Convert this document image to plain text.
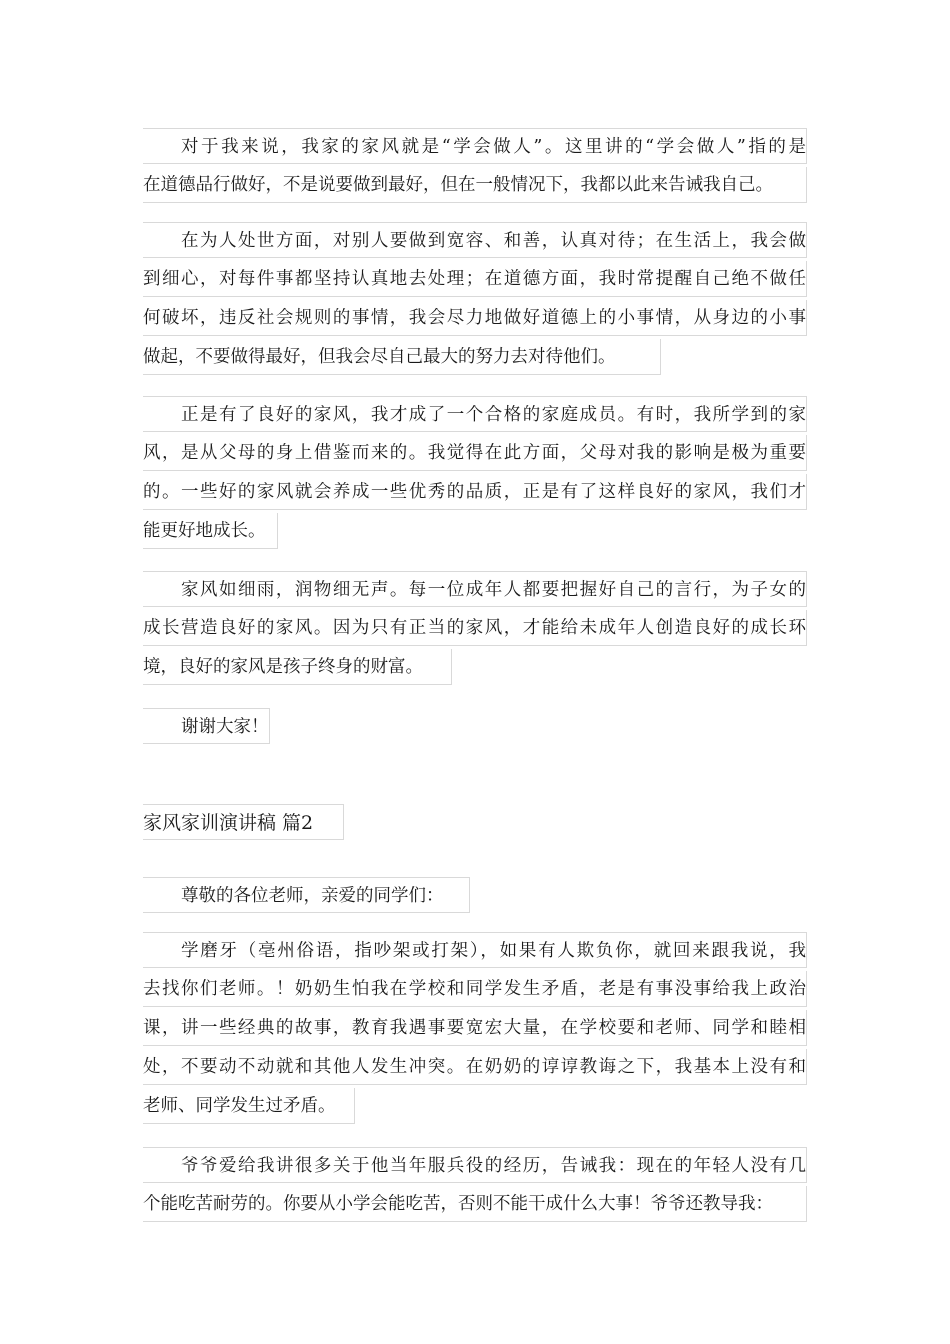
对于我来说，我家的家风就是“学会做人”。这里讲的“学会做人”指的是
在道德品行做好，不是说要做到最好，但在一般情况下，我都以此来告诫我自己。
在为人处世方面，对别人要做到宽容、和善，认真对待；在生活上，我会做
到细心，对每件事都坚持认真地去处理；在道德方面，我时常提醒自己绝不做任
何破坏，违反社会规则的事情，我会尽力地做好道德上的小事情，从身边的小事
做起，不要做得最好，但我会尽自己最大的努力去对待他们。
正是有了良好的家风，我才成了一个合格的家庭成员。有时，我所学到的家
风，是从父母的身上借鉴而来的。我觉得在此方面，父母对我的影响是极为重要
的。一些好的家风就会养成一些优秀的品质，正是有了这样良好的家风，我们才
能更好地成长。
家风如细雨，润物细无声。每一位成年人都要把握好自己的言行，为子女的
成长营造良好的家风。因为只有正当的家风，才能给未成年人创造良好的成长环
境，良好的家风是孩子终身的财富。
谢谢大家！
家风家训演讲稿 篇2
尊敬的各位老师，亲爱的同学们：
学磨牙（亳州俗语，指吵架或打架），如果有人欺负你，就回来跟我说，我
去找你们老师。！奶奶生怕我在学校和同学发生矛盾，老是有事没事给我上政治
课，讲一些经典的故事，教育我遇事要宽宏大量，在学校要和老师、同学和睦相
处，不要动不动就和其他人发生冲突。在奶奶的谆谆教诲之下，我基本上没有和
老师、同学发生过矛盾。
爷爷爱给我讲很多关于他当年服兵役的经历，告诫我：现在的年轻人没有几
个能吃苦耐劳的。你要从小学会能吃苦，否则不能干成什么大事！爷爷还教导我：
